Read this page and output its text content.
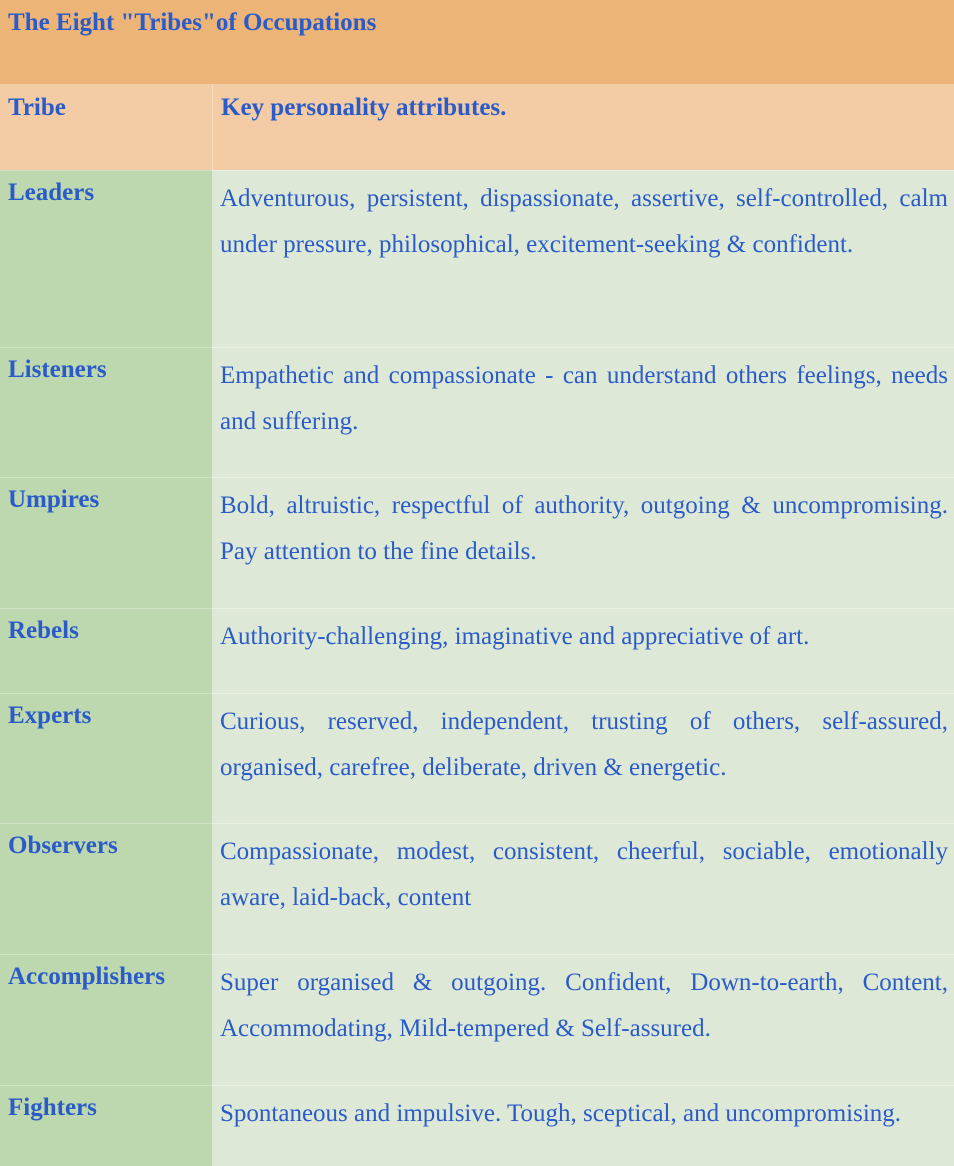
The Eight "Tribes"of Occupations
Tribe	Key personality attributes.
Leaders	Adventurous, persistent, dispassionate, assertive, self-controlled, calm under pressure, philosophical, excitement-seeking & confident.
Listeners	Empathetic and compassionate - can understand others feelings, needs and suffering.
Umpires	Bold, altruistic, respectful of authority, outgoing & uncompromising. Pay attention to the fine details.
Rebels	Authority-challenging, imaginative and appreciative of art.
Experts	Curious, reserved, independent, trusting of others, self-assured, organised, carefree, deliberate, driven & energetic.
Observers	Compassionate, modest, consistent, cheerful, sociable, emotionally aware, laid-back, content
Accomplishers	Super organised & outgoing. Confident, Down-to-earth, Content, Accommodating, Mild-tempered & Self-assured.
Fighters	Spontaneous and impulsive. Tough, sceptical, and uncompromising.
